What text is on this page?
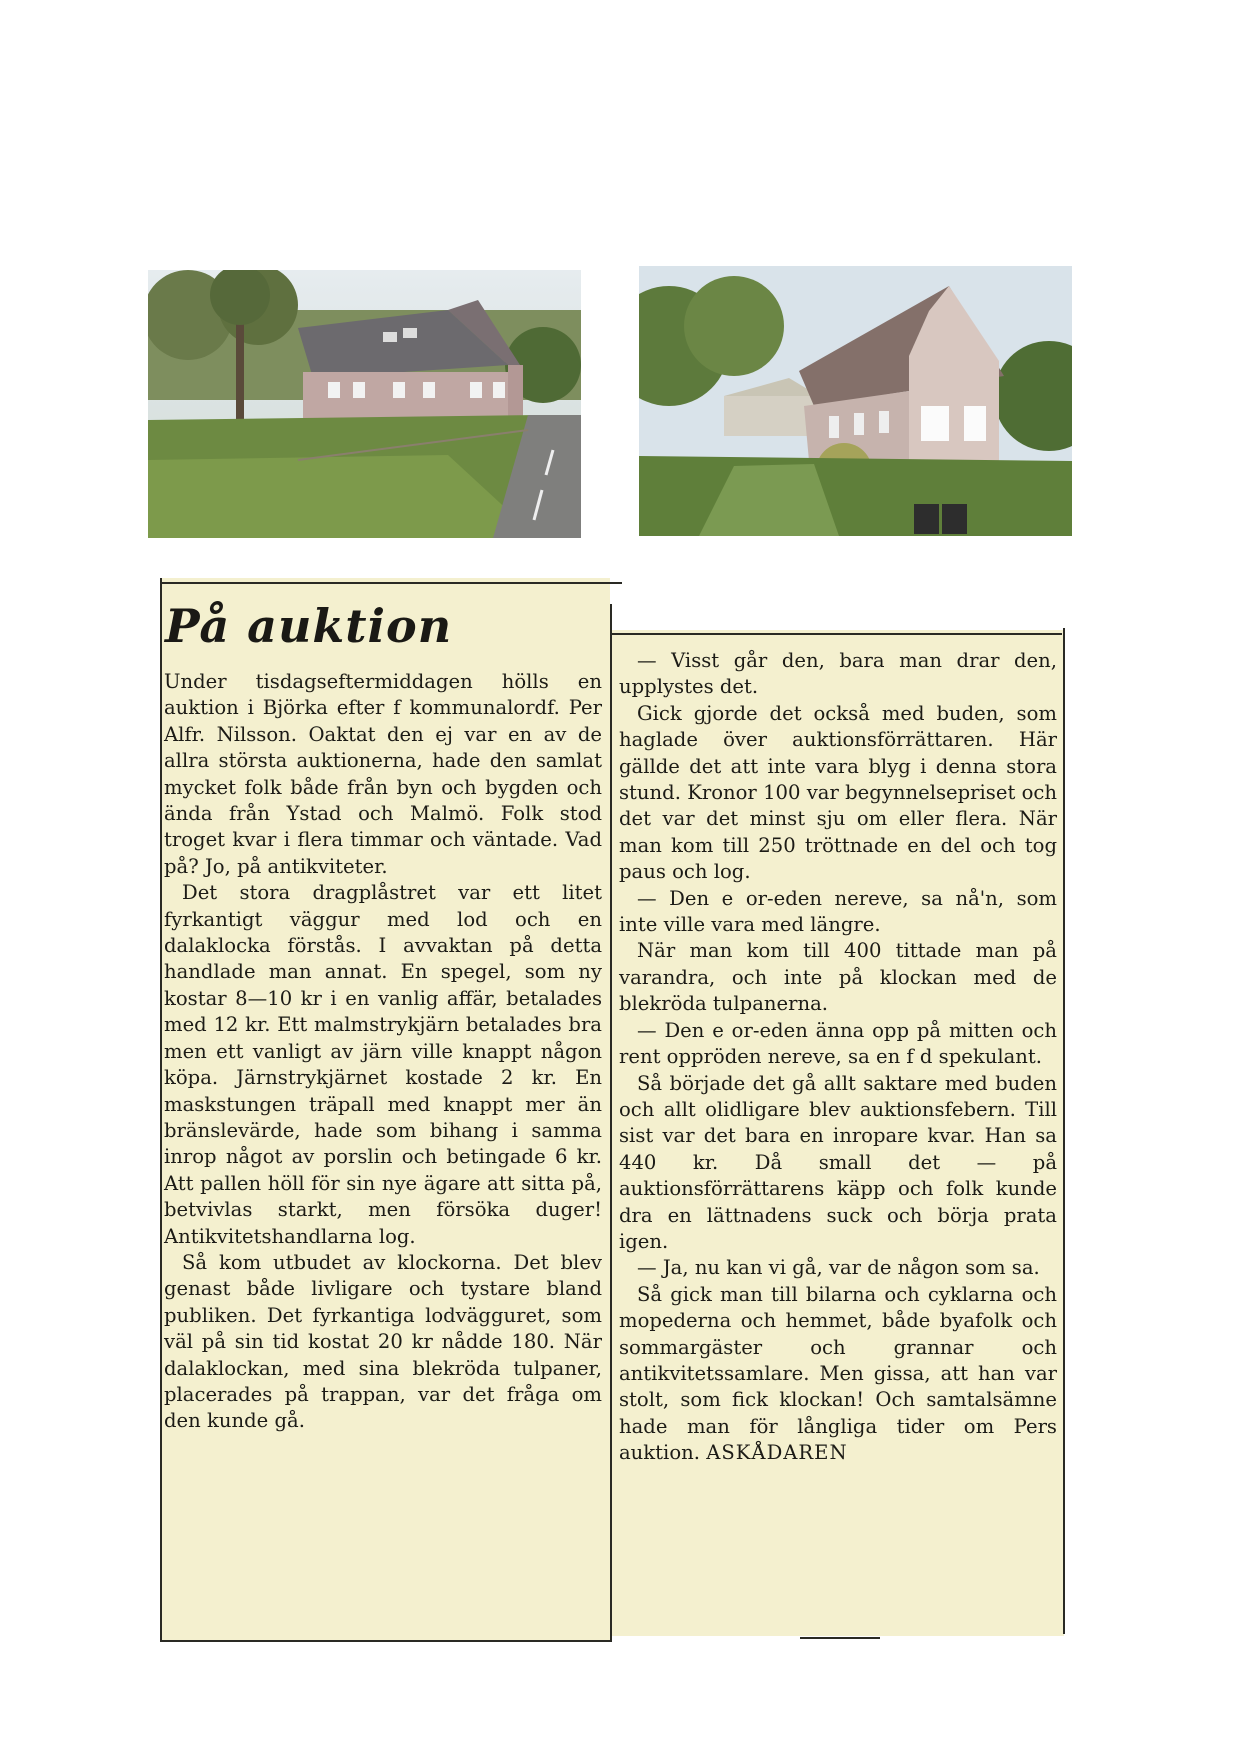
På auktion

Under tisdagseftermiddagen hölls en auktion i Björka efter f kommunalordf. Per Alfr. Nilsson. Oaktat den ej var en av de allra största auktionerna, hade den samlat mycket folk både från byn och bygden och ända från Ystad och Malmö. Folk stod troget kvar i flera timmar och väntade. Vad på? Jo, på antikviteter.

Det stora dragplåstret var ett litet fyrkantigt väggur med lod och en dalaklocka förstås. I avvaktan på detta handlade man annat. En spegel, som ny kostar 8—10 kr i en vanlig affär, betalades med 12 kr. Ett malmstrykjärn betalades bra men ett vanligt av järn ville knappt någon köpa. Järnstrykjärnet kostade 2 kr. En maskstungen träpall med knappt mer än bränslevärde, hade som bihang i samma inrop något av porslin och betingade 6 kr. Att pallen höll för sin nye ägare att sitta på, betvivlas starkt, men försöka duger! Antikvitetshandlarna log.

Så kom utbudet av klockorna. Det blev genast både livligare och tystare bland publiken. Det fyrkantiga lodvägguret, som väl på sin tid kostat 20 kr nådde 180. När dalaklockan, med sina blekröda tulpaner, placerades på trappan, var det fråga om den kunde gå.

— Visst går den, bara man drar den, upplystes det.

Gick gjorde det också med buden, som haglade över auktionsförrättaren. Här gällde det att inte vara blyg i denna stora stund. Kronor 100 var begynnelsepriset och det var det minst sju om eller flera. När man kom till 250 tröttnade en del och tog paus och log.

— Den e or-eden nereve, sa nå'n, som inte ville vara med längre.

När man kom till 400 tittade man på varandra, och inte på klockan med de blekröda tulpanerna.

— Den e or-eden änna opp på mitten och rent oppröden nereve, sa en f d spekulant.

Så började det gå allt saktare med buden och allt olidligare blev auktionsfebern. Till sist var det bara en inropare kvar. Han sa 440 kr. Då small det — på auktionsförrättarens käpp och folk kunde dra en lättnadens suck och börja prata igen.

— Ja, nu kan vi gå, var de någon som sa.

Så gick man till bilarna och cyklarna och mopederna och hemmet, både byafolk och sommargäster och grannar och antikvitetssamlare. Men gissa, att han var stolt, som fick klockan! Och samtalsämne hade man för långliga tider om Pers auktion. ASKÅDAREN
